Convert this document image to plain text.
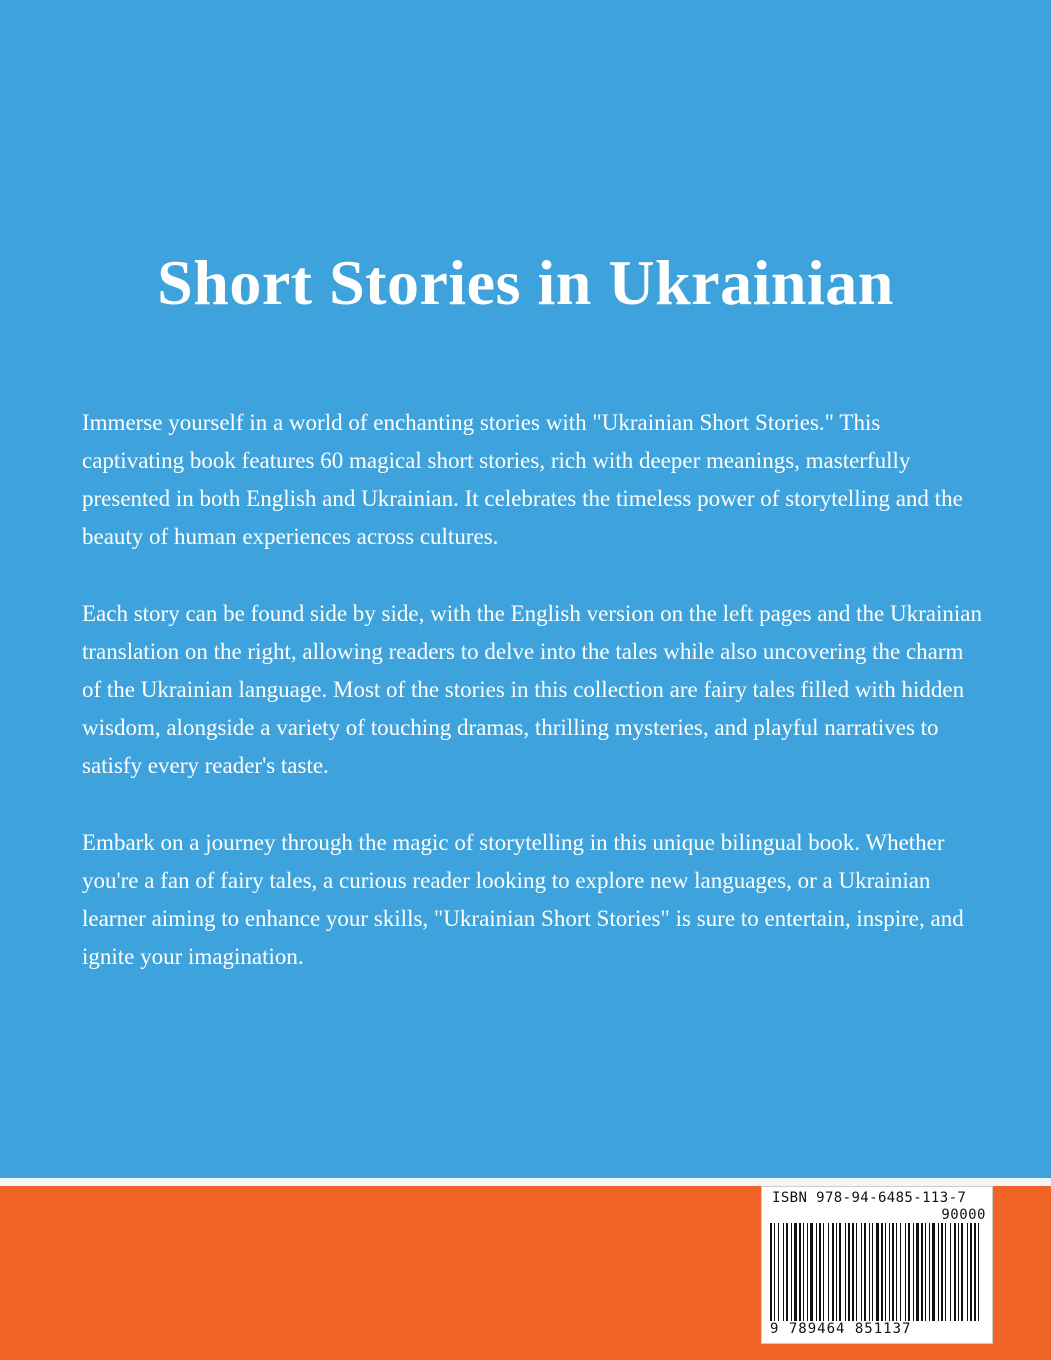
Short Stories in Ukrainian

Immerse yourself in a world of enchanting stories with "Ukrainian Short Stories." This captivating book features 60 magical short stories, rich with deeper meanings, masterfully presented in both English and Ukrainian. It celebrates the timeless power of storytelling and the beauty of human experiences across cultures.

Each story can be found side by side, with the English version on the left pages and the Ukrainian translation on the right, allowing readers to delve into the tales while also uncovering the charm of the Ukrainian language. Most of the stories in this collection are fairy tales filled with hidden wisdom, alongside a variety of touching dramas, thrilling mysteries, and playful narratives to satisfy every reader's taste.

Embark on a journey through the magic of storytelling in this unique bilingual book. Whether you're a fan of fairy tales, a curious reader looking to explore new languages, or a Ukrainian learner aiming to enhance your skills, "Ukrainian Short Stories" is sure to entertain, inspire, and ignite your imagination.

ISBN 978-94-6485-113-7
90000
9 789464 851137
